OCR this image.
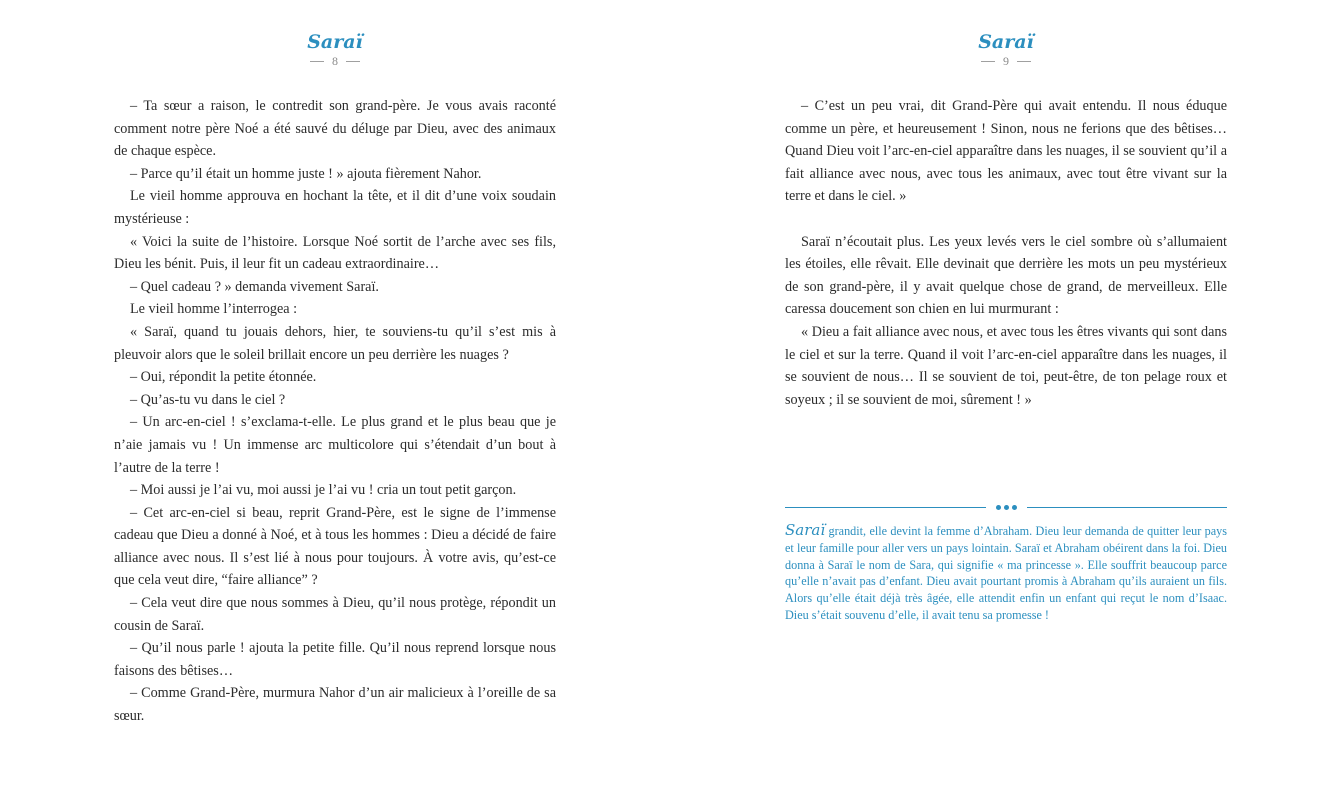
Saraï
8

– Ta sœur a raison, le contredit son grand-père. Je vous avais raconté comment notre père Noé a été sauvé du déluge par Dieu, avec des animaux de chaque espèce.

– Parce qu’il était un homme juste ! » ajouta fièrement Nahor.

Le vieil homme approuva en hochant la tête, et il dit d’une voix soudain mystérieuse :

« Voici la suite de l’histoire. Lorsque Noé sortit de l’arche avec ses fils, Dieu les bénit. Puis, il leur fit un cadeau extraordinaire…

– Quel cadeau ? » demanda vivement Saraï.

Le vieil homme l’interrogea :

« Saraï, quand tu jouais dehors, hier, te souviens-tu qu’il s’est mis à pleuvoir alors que le soleil brillait encore un peu derrière les nuages ?

– Oui, répondit la petite étonnée.

– Qu’as-tu vu dans le ciel ?

– Un arc-en-ciel ! s’exclama-t-elle. Le plus grand et le plus beau que je n’aie jamais vu ! Un immense arc multicolore qui s’étendait d’un bout à l’autre de la terre !

– Moi aussi je l’ai vu, moi aussi je l’ai vu ! cria un tout petit garçon.

– Cet arc-en-ciel si beau, reprit Grand-Père, est le signe de l’immense cadeau que Dieu a donné à Noé, et à tous les hommes : Dieu a décidé de faire alliance avec nous. Il s’est lié à nous pour toujours. À votre avis, qu’est-ce que cela veut dire, “faire alliance” ?

– Cela veut dire que nous sommes à Dieu, qu’il nous protège, répondit un cousin de Saraï.

– Qu’il nous parle ! ajouta la petite fille. Qu’il nous reprend lorsque nous faisons des bêtises…

– Comme Grand-Père, murmura Nahor d’un air malicieux à l’oreille de sa sœur.

Saraï
9

– C’est un peu vrai, dit Grand-Père qui avait entendu. Il nous éduque comme un père, et heureusement ! Sinon, nous ne ferions que des bêtises… Quand Dieu voit l’arc-en-ciel apparaître dans les nuages, il se souvient qu’il a fait alliance avec nous, avec tous les animaux, avec tout être vivant sur la terre et dans le ciel. »

Saraï n’écoutait plus. Les yeux levés vers le ciel sombre où s’allumaient les étoiles, elle rêvait. Elle devinait que derrière les mots un peu mystérieux de son grand-père, il y avait quelque chose de grand, de merveilleux. Elle caressa doucement son chien en lui murmurant :

« Dieu a fait alliance avec nous, et avec tous les êtres vivants qui sont dans le ciel et sur la terre. Quand il voit l’arc-en-ciel apparaître dans les nuages, il se souvient de nous… Il se souvient de toi, peut-être, de ton pelage roux et soyeux ; il se souvient de moi, sûrement ! »

Saraï grandit, elle devint la femme d’Abraham. Dieu leur demanda de quitter leur pays et leur famille pour aller vers un pays lointain. Saraï et Abraham obéirent dans la foi. Dieu donna à Saraï le nom de Sara, qui signifie « ma princesse ». Elle souffrit beaucoup parce qu’elle n’avait pas d’enfant. Dieu avait pourtant promis à Abraham qu’ils auraient un fils. Alors qu’elle était déjà très âgée, elle attendit enfin un enfant qui reçut le nom d’Isaac. Dieu s’était souvenu d’elle, il avait tenu sa promesse !
